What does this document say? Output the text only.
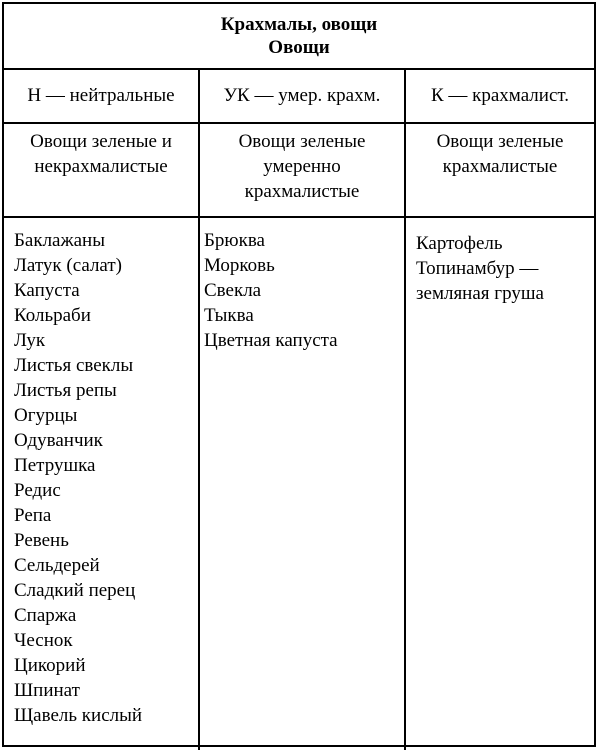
Крахмалы, овощи
Овощи
Н — нейтральные	УК — умер. крахм.	К — крахмалист.
Овощи зеленые и
некрахмалистые
Овощи зеленые
умеренно
крахмалистые
Овощи зеленые
крахмалистые
Баклажаны
Латук (салат)
Капуста
Кольраби
Лук
Листья свеклы
Листья репы
Огурцы
Одуванчик
Петрушка
Редис
Репа
Ревень
Сельдерей
Сладкий перец
Спаржа
Чеснок
Цикорий
Шпинат
Щавель кислый
Брюква
Морковь
Свекла
Тыква
Цветная капуста
Картофель
Топинамбур —
земляная груша
